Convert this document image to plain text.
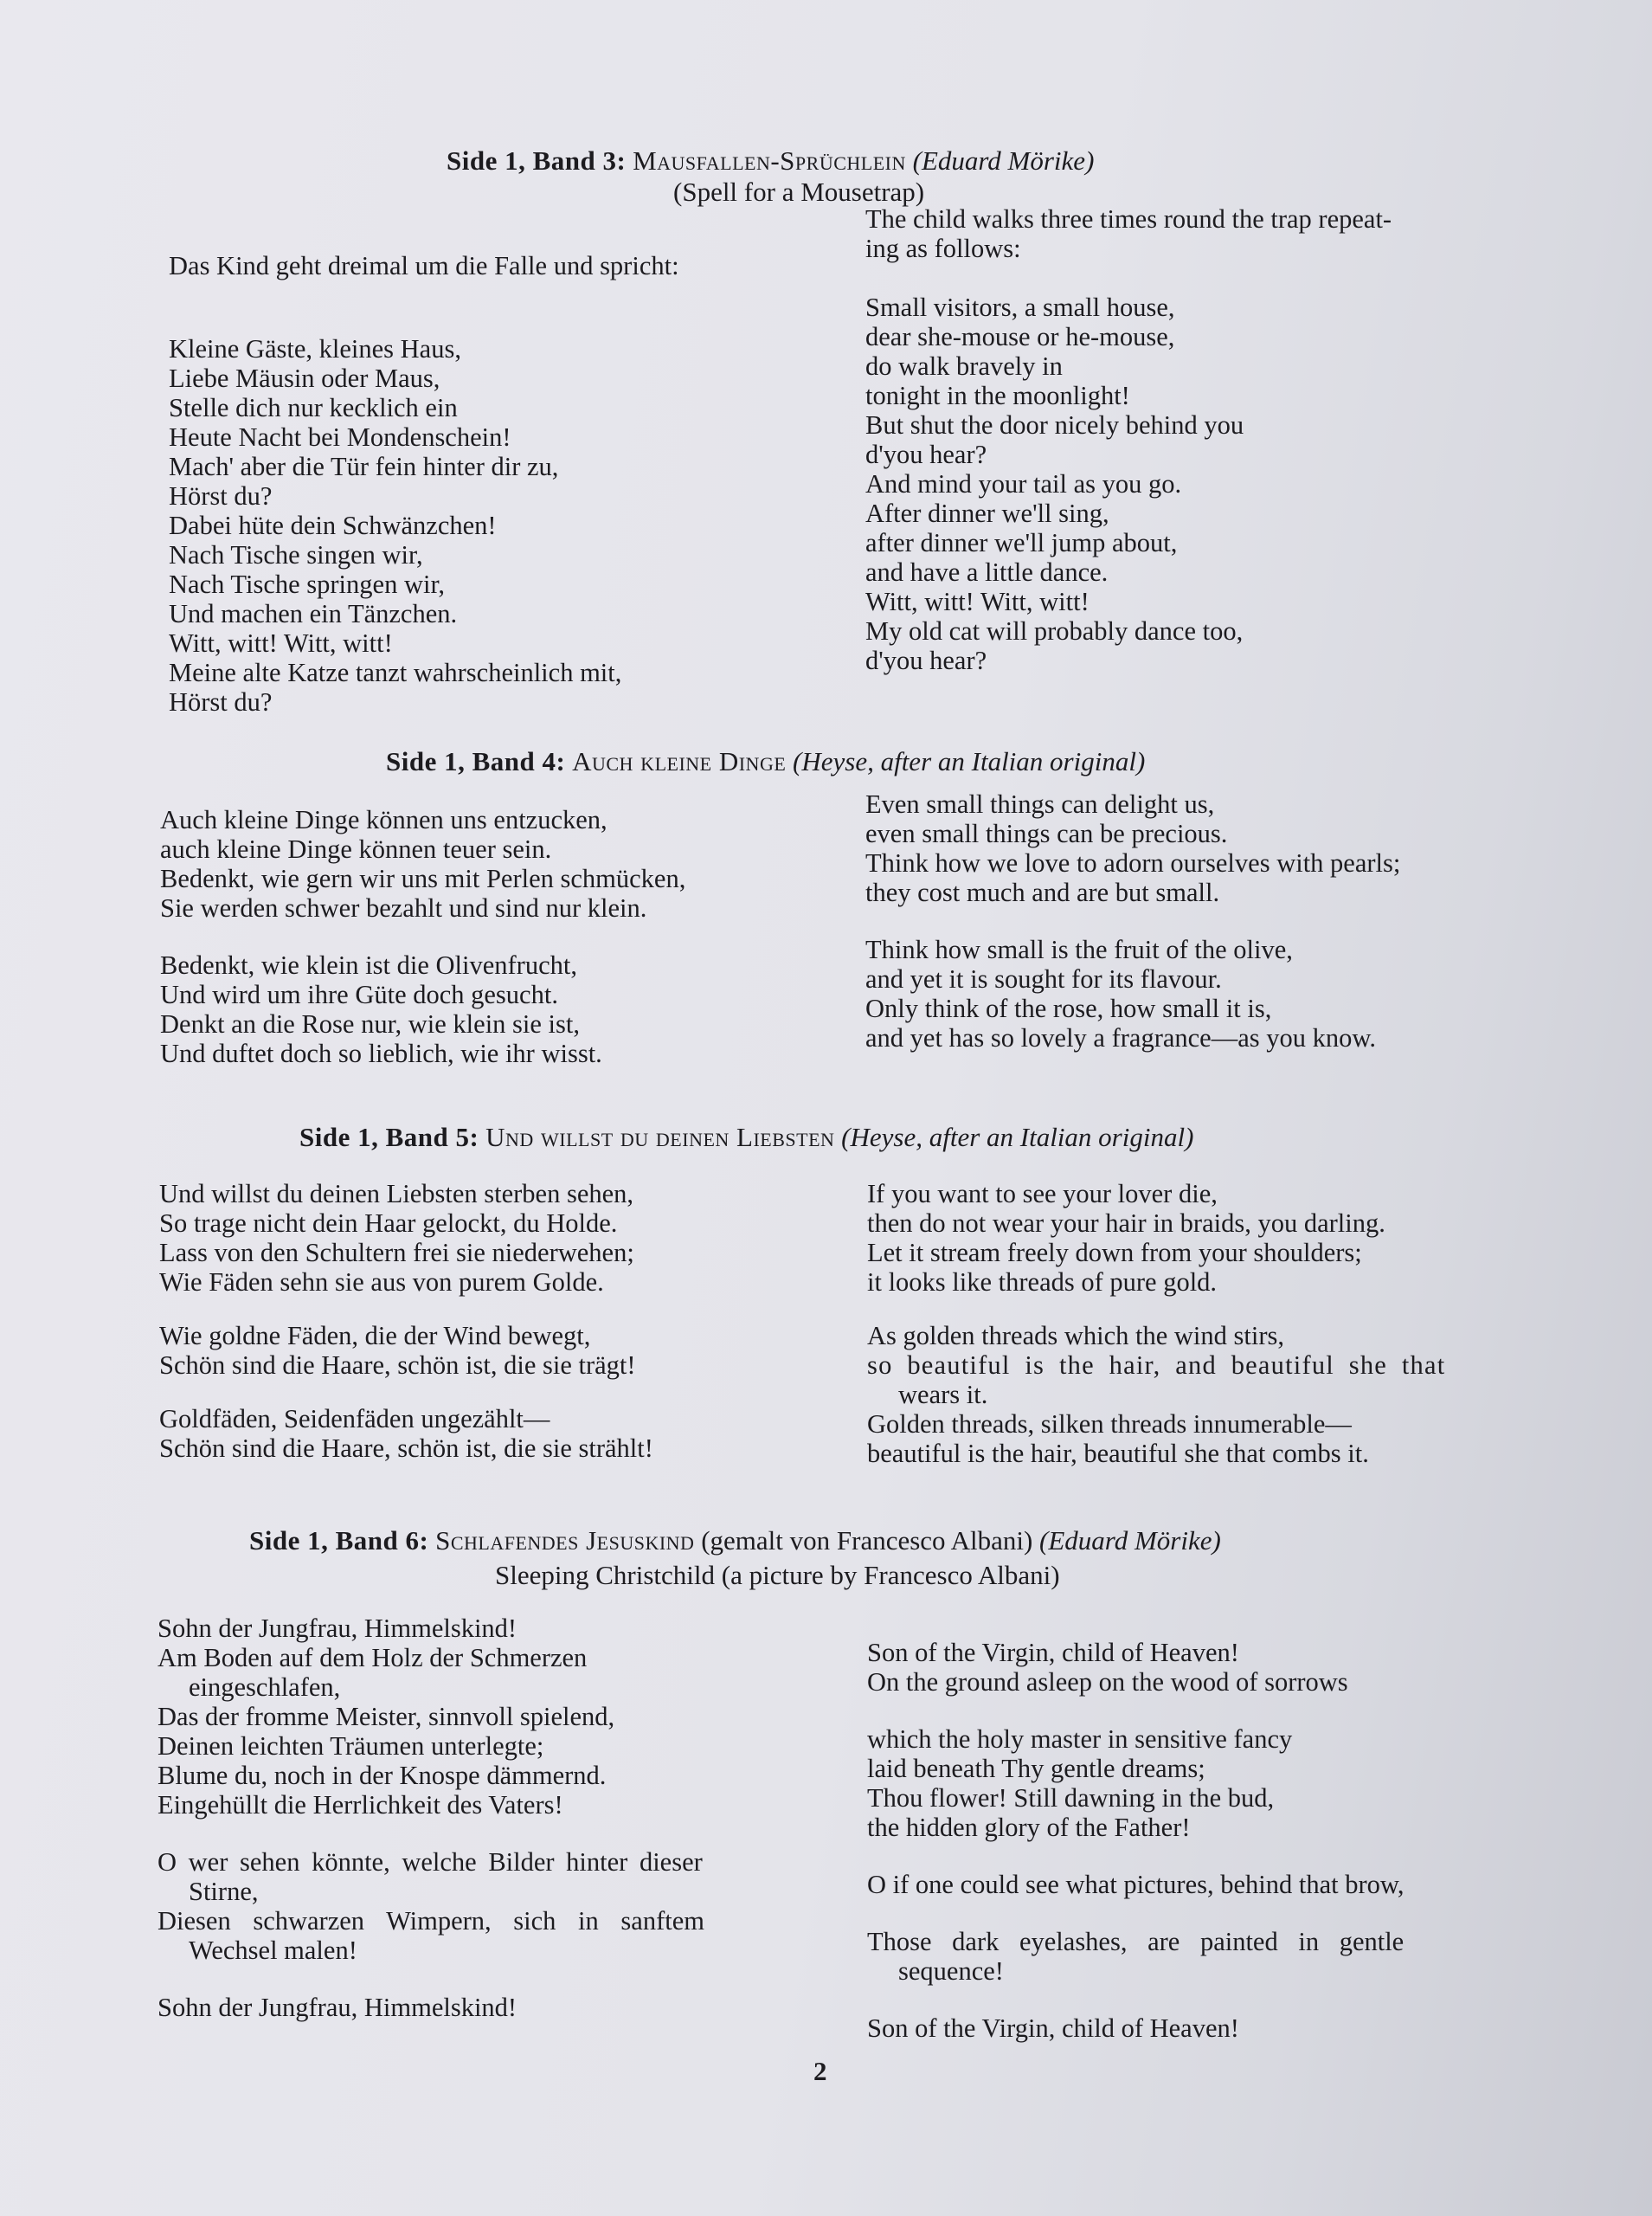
Side 1, Band 3: Mausfallen-Sprüchlein (Eduard Mörike)
(Spell for a Mousetrap)

Das Kind geht dreimal um die Falle und spricht:

Kleine Gäste, kleines Haus,

Liebe Mäusin oder Maus,

Stelle dich nur kecklich ein

Heute Nacht bei Mondenschein!

Mach' aber die Tür fein hinter dir zu,

Hörst du?

Dabei hüte dein Schwänzchen!

Nach Tische singen wir,

Nach Tische springen wir,

Und machen ein Tänzchen.

Witt, witt! Witt, witt!

Meine alte Katze tanzt wahrscheinlich mit,

Hörst du?

The child walks three times round the trap repeat-

ing as follows:

Small visitors, a small house,

dear she-mouse or he-mouse,

do walk bravely in

tonight in the moonlight!

But shut the door nicely behind you

d'you hear?

And mind your tail as you go.

After dinner we'll sing,

after dinner we'll jump about,

and have a little dance.

Witt, witt! Witt, witt!

My old cat will probably dance too,

d'you hear?

Side 1, Band 4: Auch kleine Dinge (Heyse, after an Italian original)

Auch kleine Dinge können uns entzucken,

auch kleine Dinge können teuer sein.

Bedenkt, wie gern wir uns mit Perlen schmücken,

Sie werden schwer bezahlt und sind nur klein.

Bedenkt, wie klein ist die Olivenfrucht,

Und wird um ihre Güte doch gesucht.

Denkt an die Rose nur, wie klein sie ist,

Und duftet doch so lieblich, wie ihr wisst.

Even small things can delight us,

even small things can be precious.

Think how we love to adorn ourselves with pearls;

they cost much and are but small.

Think how small is the fruit of the olive,

and yet it is sought for its flavour.

Only think of the rose, how small it is,

and yet has so lovely a fragrance—as you know.

Side 1, Band 5: Und willst du deinen Liebsten (Heyse, after an Italian original)

Und willst du deinen Liebsten sterben sehen,

So trage nicht dein Haar gelockt, du Holde.

Lass von den Schultern frei sie niederwehen;

Wie Fäden sehn sie aus von purem Golde.

Wie goldne Fäden, die der Wind bewegt,

Schön sind die Haare, schön ist, die sie trägt!

Goldfäden, Seidenfäden ungezählt—

Schön sind die Haare, schön ist, die sie strählt!

If you want to see your lover die,

then do not wear your hair in braids, you darling.

Let it stream freely down from your shoulders;

it looks like threads of pure gold.

As golden threads which the wind stirs,

so beautiful is the hair, and beautiful she that

wears it.

Golden threads, silken threads innumerable—

beautiful is the hair, beautiful she that combs it.

Side 1, Band 6: Schlafendes Jesuskind (gemalt von Francesco Albani) (Eduard Mörike)
Sleeping Christchild (a picture by Francesco Albani)

Sohn der Jungfrau, Himmelskind!

Am Boden auf dem Holz der Schmerzen

eingeschlafen,

Das der fromme Meister, sinnvoll spielend,

Deinen leichten Träumen unterlegte;

Blume du, noch in der Knospe dämmernd.

Eingehüllt die Herrlichkeit des Vaters!

O wer sehen könnte, welche Bilder hinter dieser

Stirne,

Diesen schwarzen Wimpern, sich in sanftem

Wechsel malen!

Sohn der Jungfrau, Himmelskind!

Son of the Virgin, child of Heaven!

On the ground asleep on the wood of sorrows

which the holy master in sensitive fancy

laid beneath Thy gentle dreams;

Thou flower! Still dawning in the bud,

the hidden glory of the Father!

O if one could see what pictures, behind that brow,

Those dark eyelashes, are painted in gentle

sequence!

Son of the Virgin, child of Heaven!

2
